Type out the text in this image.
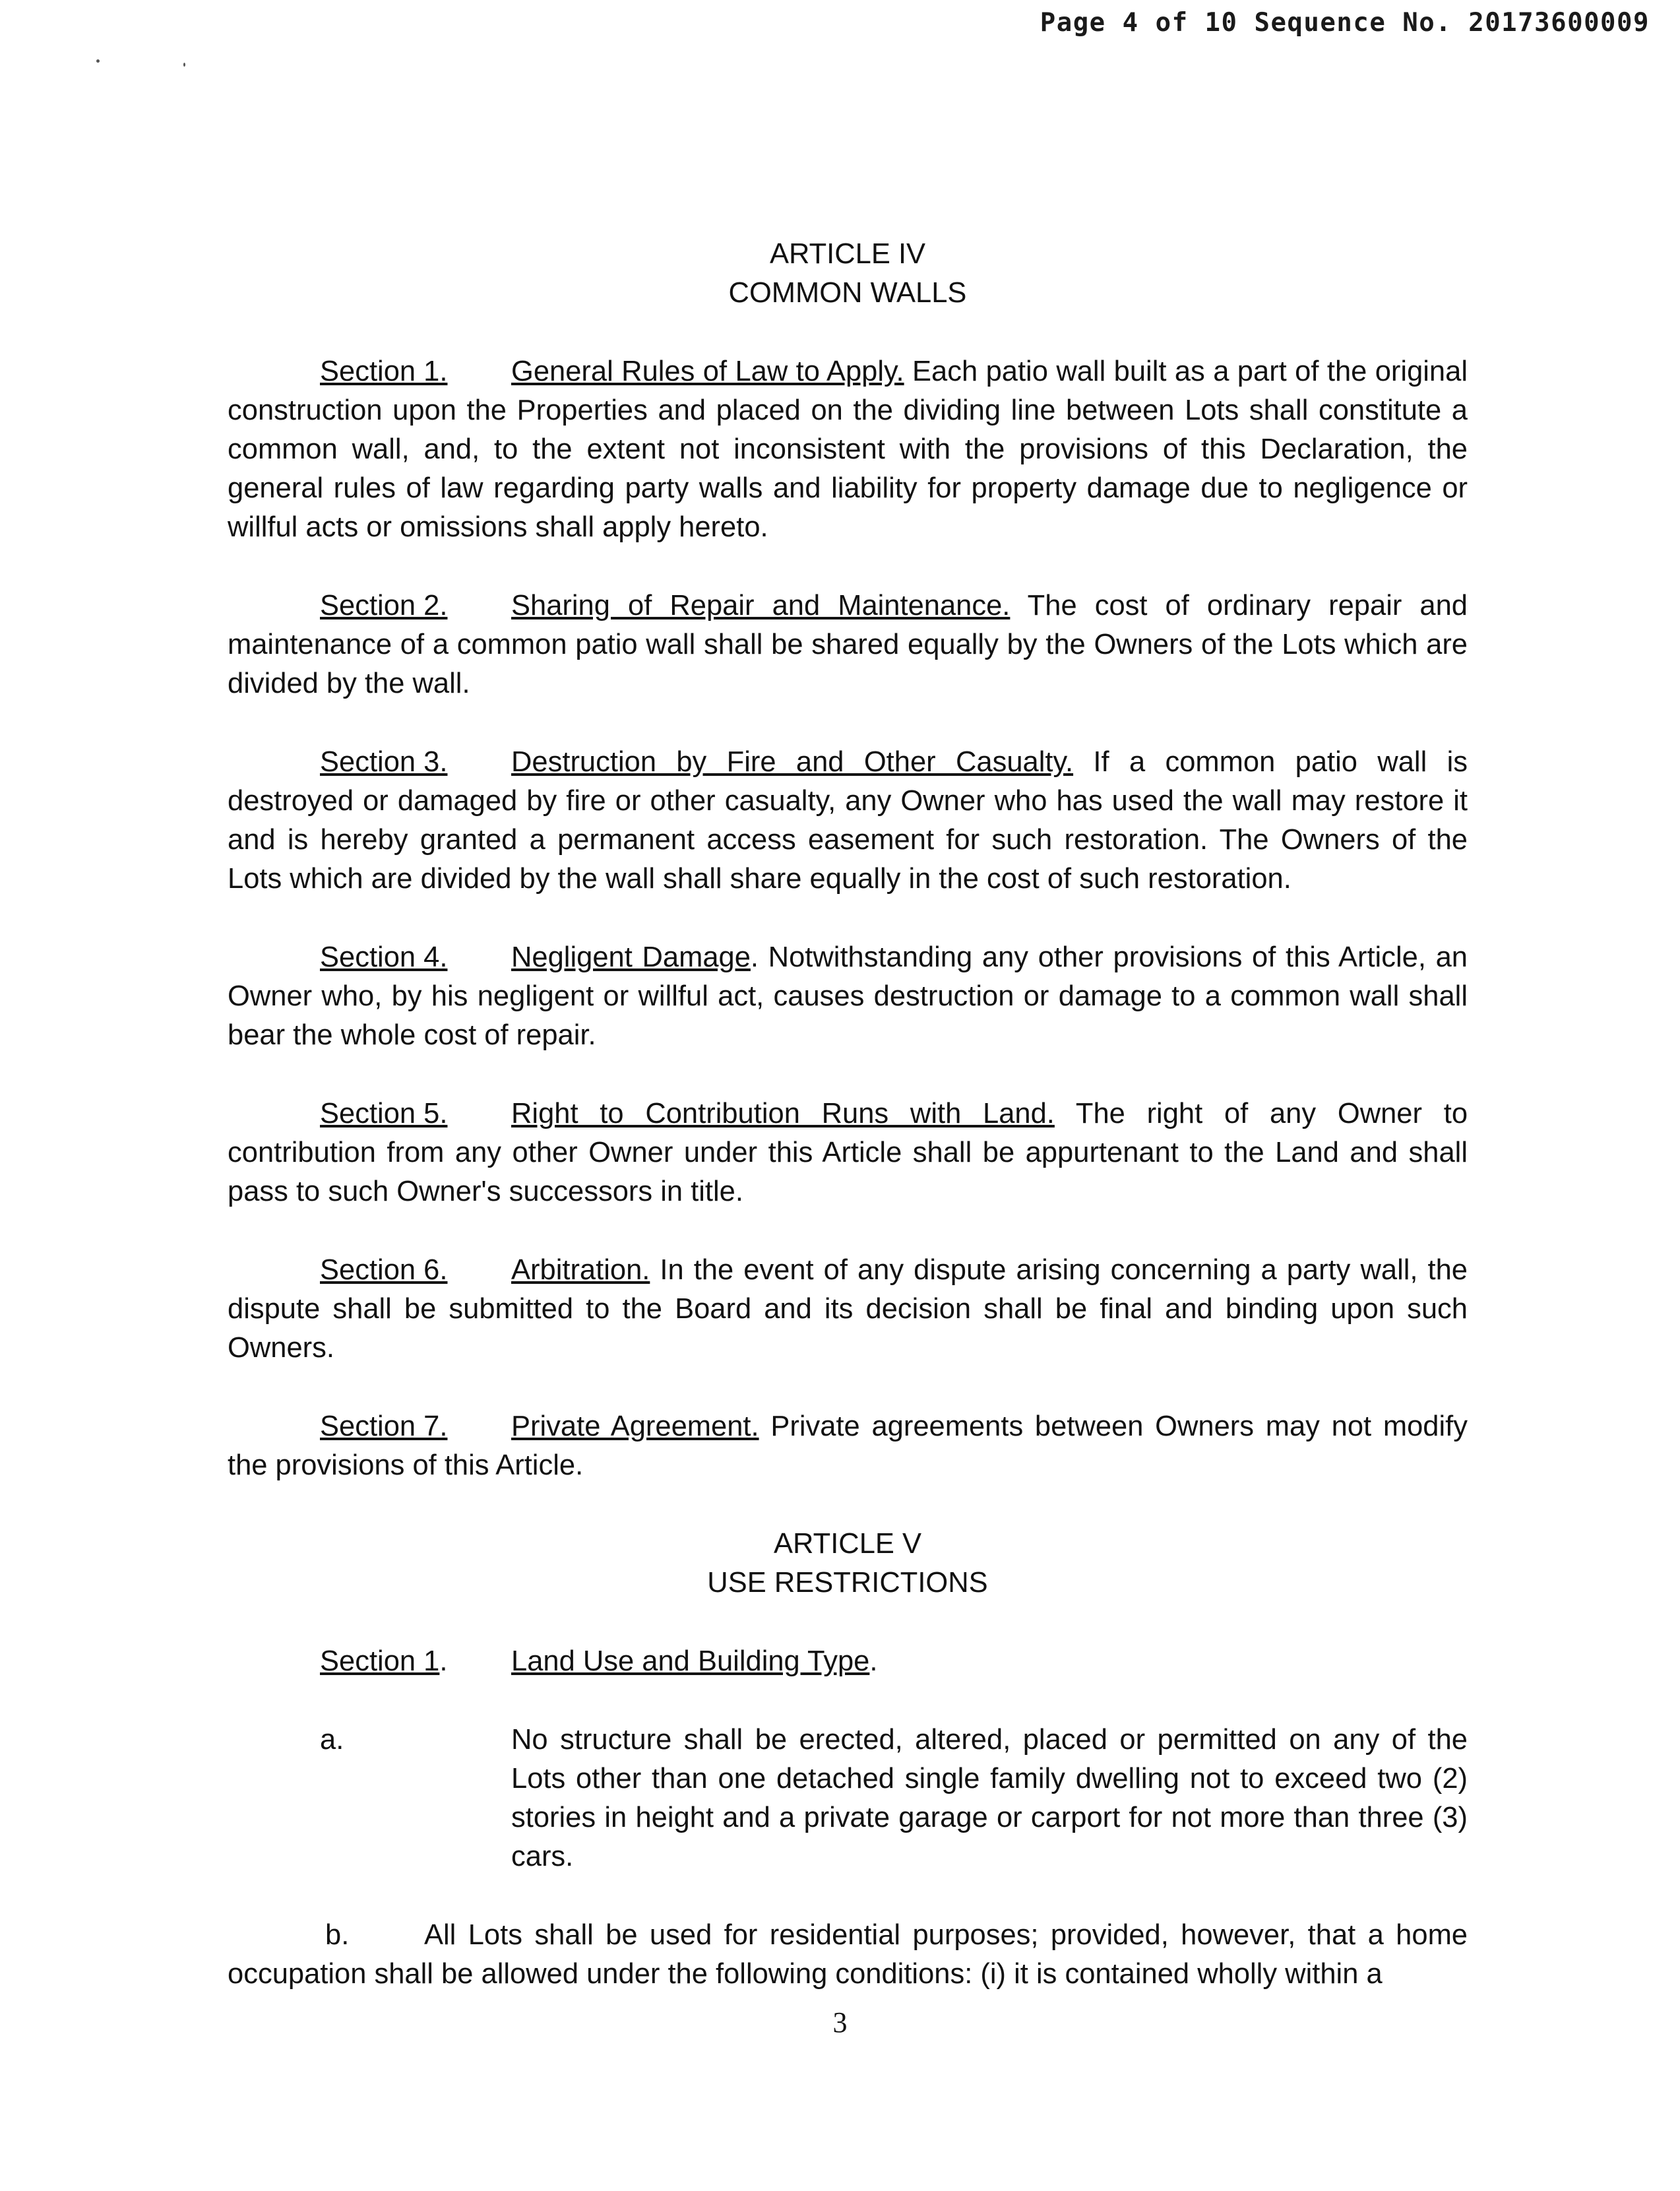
Page 4 of 10 Sequence No. 20173600009
ARTICLE IV
COMMON WALLS

Section 1. General Rules of Law to Apply. Each patio wall built as a part of the original construction upon the Properties and placed on the dividing line between Lots shall constitute a common wall, and, to the extent not inconsistent with the provisions of this Declaration, the general rules of law regarding party walls and liability for property damage due to negligence or willful acts or omissions shall apply hereto.

Section 2. Sharing of Repair and Maintenance. The cost of ordinary repair and maintenance of a common patio wall shall be shared equally by the Owners of the Lots which are divided by the wall.

Section 3. Destruction by Fire and Other Casualty. If a common patio wall is destroyed or damaged by fire or other casualty, any Owner who has used the wall may restore it and is hereby granted a permanent access easement for such restoration. The Owners of the Lots which are divided by the wall shall share equally in the cost of such restoration.

Section 4. Negligent Damage. Notwithstanding any other provisions of this Article, an Owner who, by his negligent or willful act, causes destruction or damage to a common wall shall bear the whole cost of repair.

Section 5. Right to Contribution Runs with Land. The right of any Owner to contribution from any other Owner under this Article shall be appurtenant to the Land and shall pass to such Owner's successors in title.

Section 6. Arbitration. In the event of any dispute arising concerning a party wall, the dispute shall be submitted to the Board and its decision shall be final and binding upon such Owners.

Section 7. Private Agreement. Private agreements between Owners may not modify the provisions of this Article.

ARTICLE V
USE RESTRICTIONS

Section 1. Land Use and Building Type.

a.	No structure shall be erected, altered, placed or permitted on any of the Lots other than one detached single family dwelling not to exceed two (2) stories in height and a private garage or carport for not more than three (3) cars.

b.	All Lots shall be used for residential purposes; provided, however, that a home occupation shall be allowed under the following conditions: (i) it is contained wholly within a

3
